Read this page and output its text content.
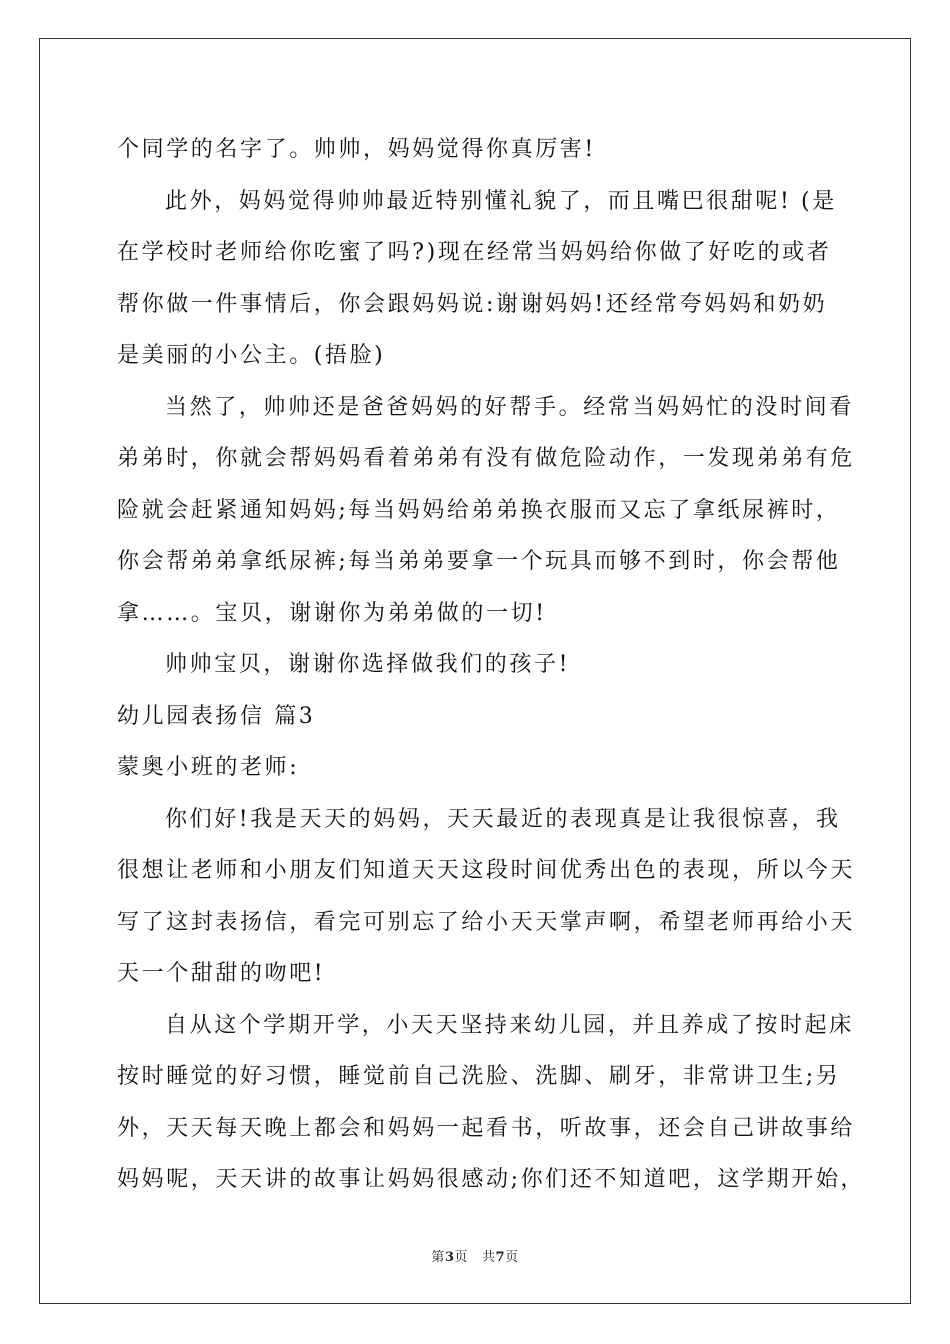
个同学的名字了。帅帅，妈妈觉得你真厉害!
此外，妈妈觉得帅帅最近特别懂礼貌了，而且嘴巴很甜呢! (是
在学校时老师给你吃蜜了吗?)现在经常当妈妈给你做了好吃的或者
帮你做一件事情后，你会跟妈妈说:谢谢妈妈!还经常夸妈妈和奶奶
是美丽的小公主。(捂脸)
当然了，帅帅还是爸爸妈妈的好帮手。经常当妈妈忙的没时间看
弟弟时，你就会帮妈妈看着弟弟有没有做危险动作，一发现弟弟有危
险就会赶紧通知妈妈;每当妈妈给弟弟换衣服而又忘了拿纸尿裤时，
你会帮弟弟拿纸尿裤;每当弟弟要拿一个玩具而够不到时，你会帮他
拿……。宝贝，谢谢你为弟弟做的一切!
帅帅宝贝，谢谢你选择做我们的孩子!
幼儿园表扬信 篇3
蒙奥小班的老师:
你们好!我是天天的妈妈，天天最近的表现真是让我很惊喜，我
很想让老师和小朋友们知道天天这段时间优秀出色的表现，所以今天
写了这封表扬信，看完可别忘了给小天天掌声啊，希望老师再给小天
天一个甜甜的吻吧!
自从这个学期开学，小天天坚持来幼儿园，并且养成了按时起床
按时睡觉的好习惯，睡觉前自己洗脸、洗脚、刷牙，非常讲卫生;另
外，天天每天晚上都会和妈妈一起看书，听故事，还会自己讲故事给
妈妈呢，天天讲的故事让妈妈很感动;你们还不知道吧，这学期开始，
第3页 共7页
